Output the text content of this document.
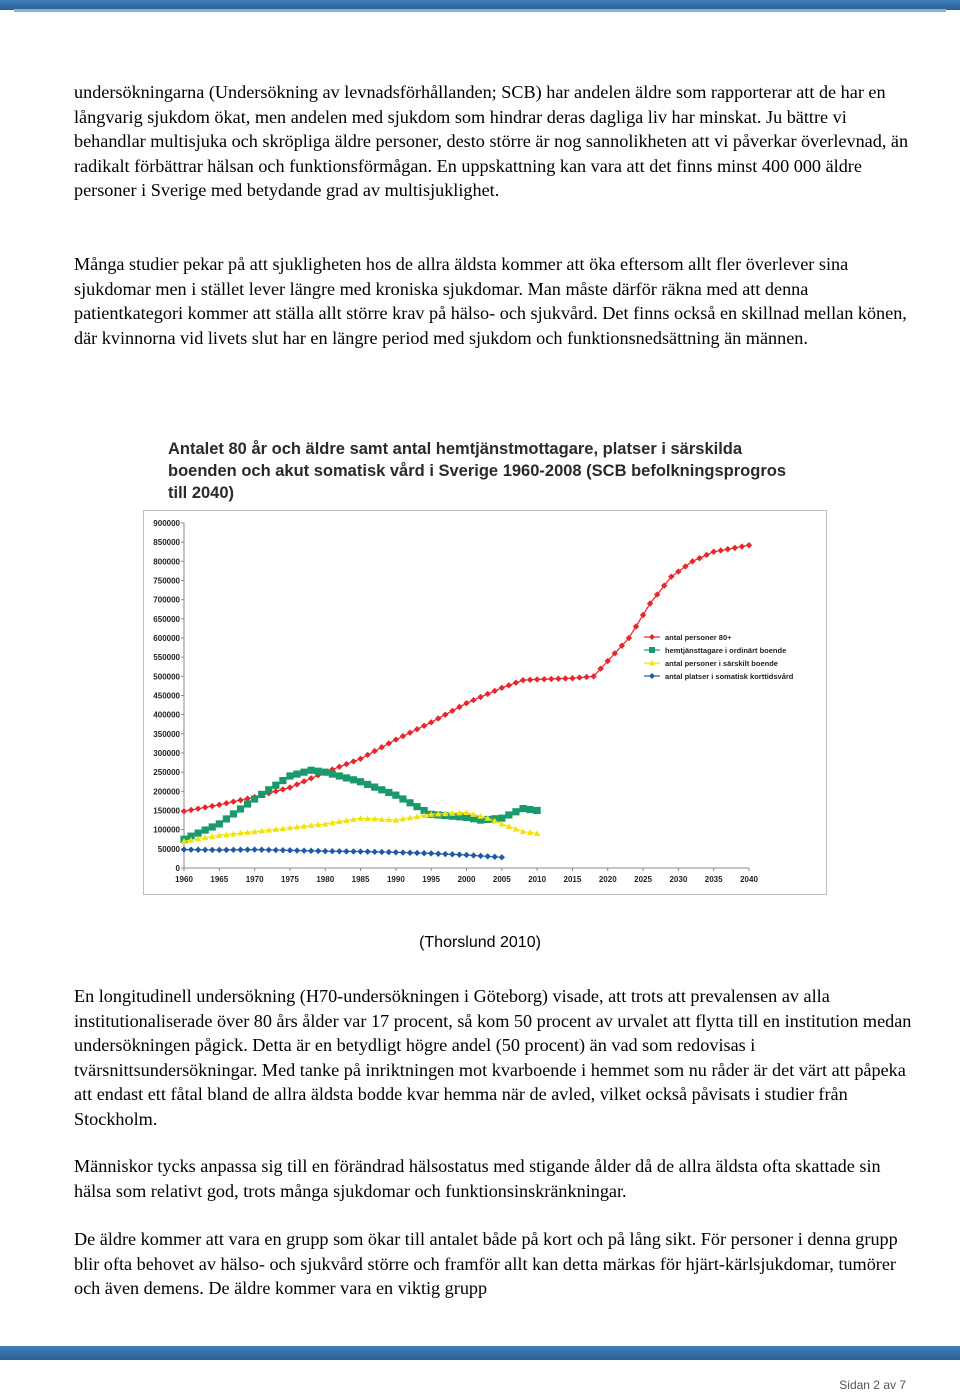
undersökningarna (Undersökning av levnadsförhållanden; SCB) har andelen äldre som rapporterar att de har en långvarig sjukdom ökat, men andelen med sjukdom som hindrar deras dagliga liv har minskat. Ju bättre vi behandlar multisjuka och skröpliga äldre personer, desto större är nog sannolikheten att vi påverkar överlevnad, än radikalt förbättrar hälsan och funktionsförmågan. En uppskattning kan vara att det finns minst 400 000 äldre personer i Sverige med betydande grad av multisjuklighet.

Många studier pekar på att sjukligheten hos de allra äldsta kommer att öka eftersom allt fler överlever sina sjukdomar men i stället lever längre med kroniska sjukdomar. Man måste därför räkna med att denna patientkategori kommer att ställa allt större krav på hälso- och sjukvård. Det finns också en skillnad mellan könen, där kvinnorna vid livets slut har en längre period med sjukdom och funktionsnedsättning än männen.

Antalet 80 år och äldre samt antal hemtjänstmottagare, platser i särskilda boenden och akut somatisk vård i Sverige 1960-2008 (SCB befolkningsprogros till 2040)
900000
850000
800000
750000
700000
650000
600000
550000
500000
450000
400000
350000
300000
250000
200000
150000
100000
50000
0
1960 1965 1970 1975 1980 1985 1990 1995 2000 2005 2010 2015 2020 2025 2030 2035 2040
antal personer 80+
hemtjänsttagare i ordinärt boende
antal personer i särskilt boende
antal platser i somatisk korttidsvård
(Thorslund 2010)

En longitudinell undersökning (H70-undersökningen i Göteborg) visade, att trots att prevalensen av alla institutionaliserade över 80 års ålder var 17 procent, så kom 50 procent av urvalet att flytta till en institution medan undersökningen pågick. Detta är en betydligt högre andel (50 procent) än vad som redovisas i tvärsnittsundersökningar. Med tanke på inriktningen mot kvarboende i hemmet som nu råder är det värt att påpeka att endast ett fåtal bland de allra äldsta bodde kvar hemma när de avled, vilket också påvisats i studier från Stockholm.

Människor tycks anpassa sig till en förändrad hälsostatus med stigande ålder då de allra äldsta ofta skattade sin hälsa som relativt god, trots många sjukdomar och funktionsinskränkningar.

De äldre kommer att vara en grupp som ökar till antalet både på kort och på lång sikt. För personer i denna grupp blir ofta behovet av hälso- och sjukvård större och framför allt kan detta märkas för hjärt-kärlsjukdomar, tumörer och även demens. De äldre kommer vara en viktig grupp

Sidan 2 av 7
